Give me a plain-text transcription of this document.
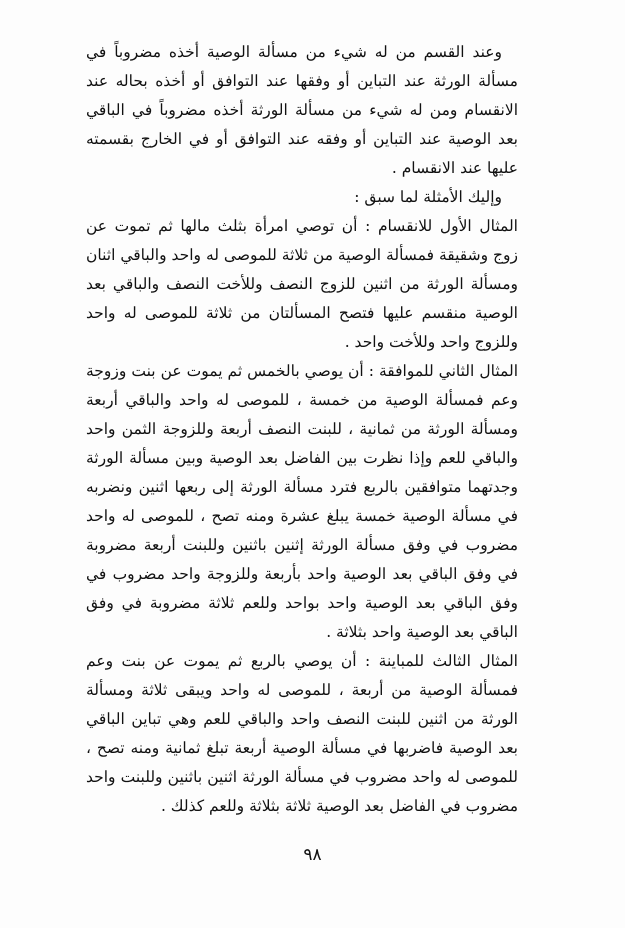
وعند القسم من له شيء من مسألة الوصية أخذه مضروباً في مسألة الورثة عند التباين أو وفقها عند التوافق أو أخذه بحاله عند الانقسام ومن له شيء من مسألة الورثة أخذه مضروباً في الباقي بعد الوصية عند التباين أو وفقه عند التوافق أو في الخارج بقسمته عليها عند الانقسام .

وإليك الأمثلة لما سبق :

المثال الأول للانقسام : أن توصي امرأة بثلث مالها ثم تموت عن زوج وشقيقة فمسألة الوصية من ثلاثة للموصى له واحد والباقي اثنان ومسألة الورثة من اثنين للزوج النصف وللأخت النصف والباقي بعد الوصية منقسم عليها فتصح المسألتان من ثلاثة للموصى له واحد وللزوج واحد وللأخت واحد .

المثال الثاني للموافقة : أن يوصي بالخمس ثم يموت عن بنت وزوجة وعم فمسألة الوصية من خمسة ، للموصى له واحد والباقي أربعة ومسألة الورثة من ثمانية ، للبنت النصف أربعة وللزوجة الثمن واحد والباقي للعم وإذا نظرت بين الفاضل بعد الوصية وبين مسألة الورثة وجدتهما متوافقين بالربع فترد مسألة الورثة إلى ربعها اثنين ونضربه في مسألة الوصية خمسة يبلغ عشرة ومنه تصح ، للموصى له واحد مضروب في وفق مسألة الورثة إثنين باثنين وللبنت أربعة مضروبة في وفق الباقي بعد الوصية واحد بأربعة وللزوجة واحد مضروب في وفق الباقي بعد الوصية واحد بواحد وللعم ثلاثة مضروبة في وفق الباقي بعد الوصية واحد بثلاثة .

المثال الثالث للمباينة : أن يوصي بالربع ثم يموت عن بنت وعم فمسألة الوصية من أربعة ، للموصى له واحد ويبقى ثلاثة ومسألة الورثة من اثنين للبنت النصف واحد والباقي للعم وهي تباين الباقي بعد الوصية فاضربها في مسألة الوصية أربعة تبلغ ثمانية ومنه تصح ، للموصى له واحد مضروب في مسألة الورثة اثنين باثنين وللبنت واحد مضروب في الفاضل بعد الوصية ثلاثة بثلاثة وللعم كذلك .

٩٨
